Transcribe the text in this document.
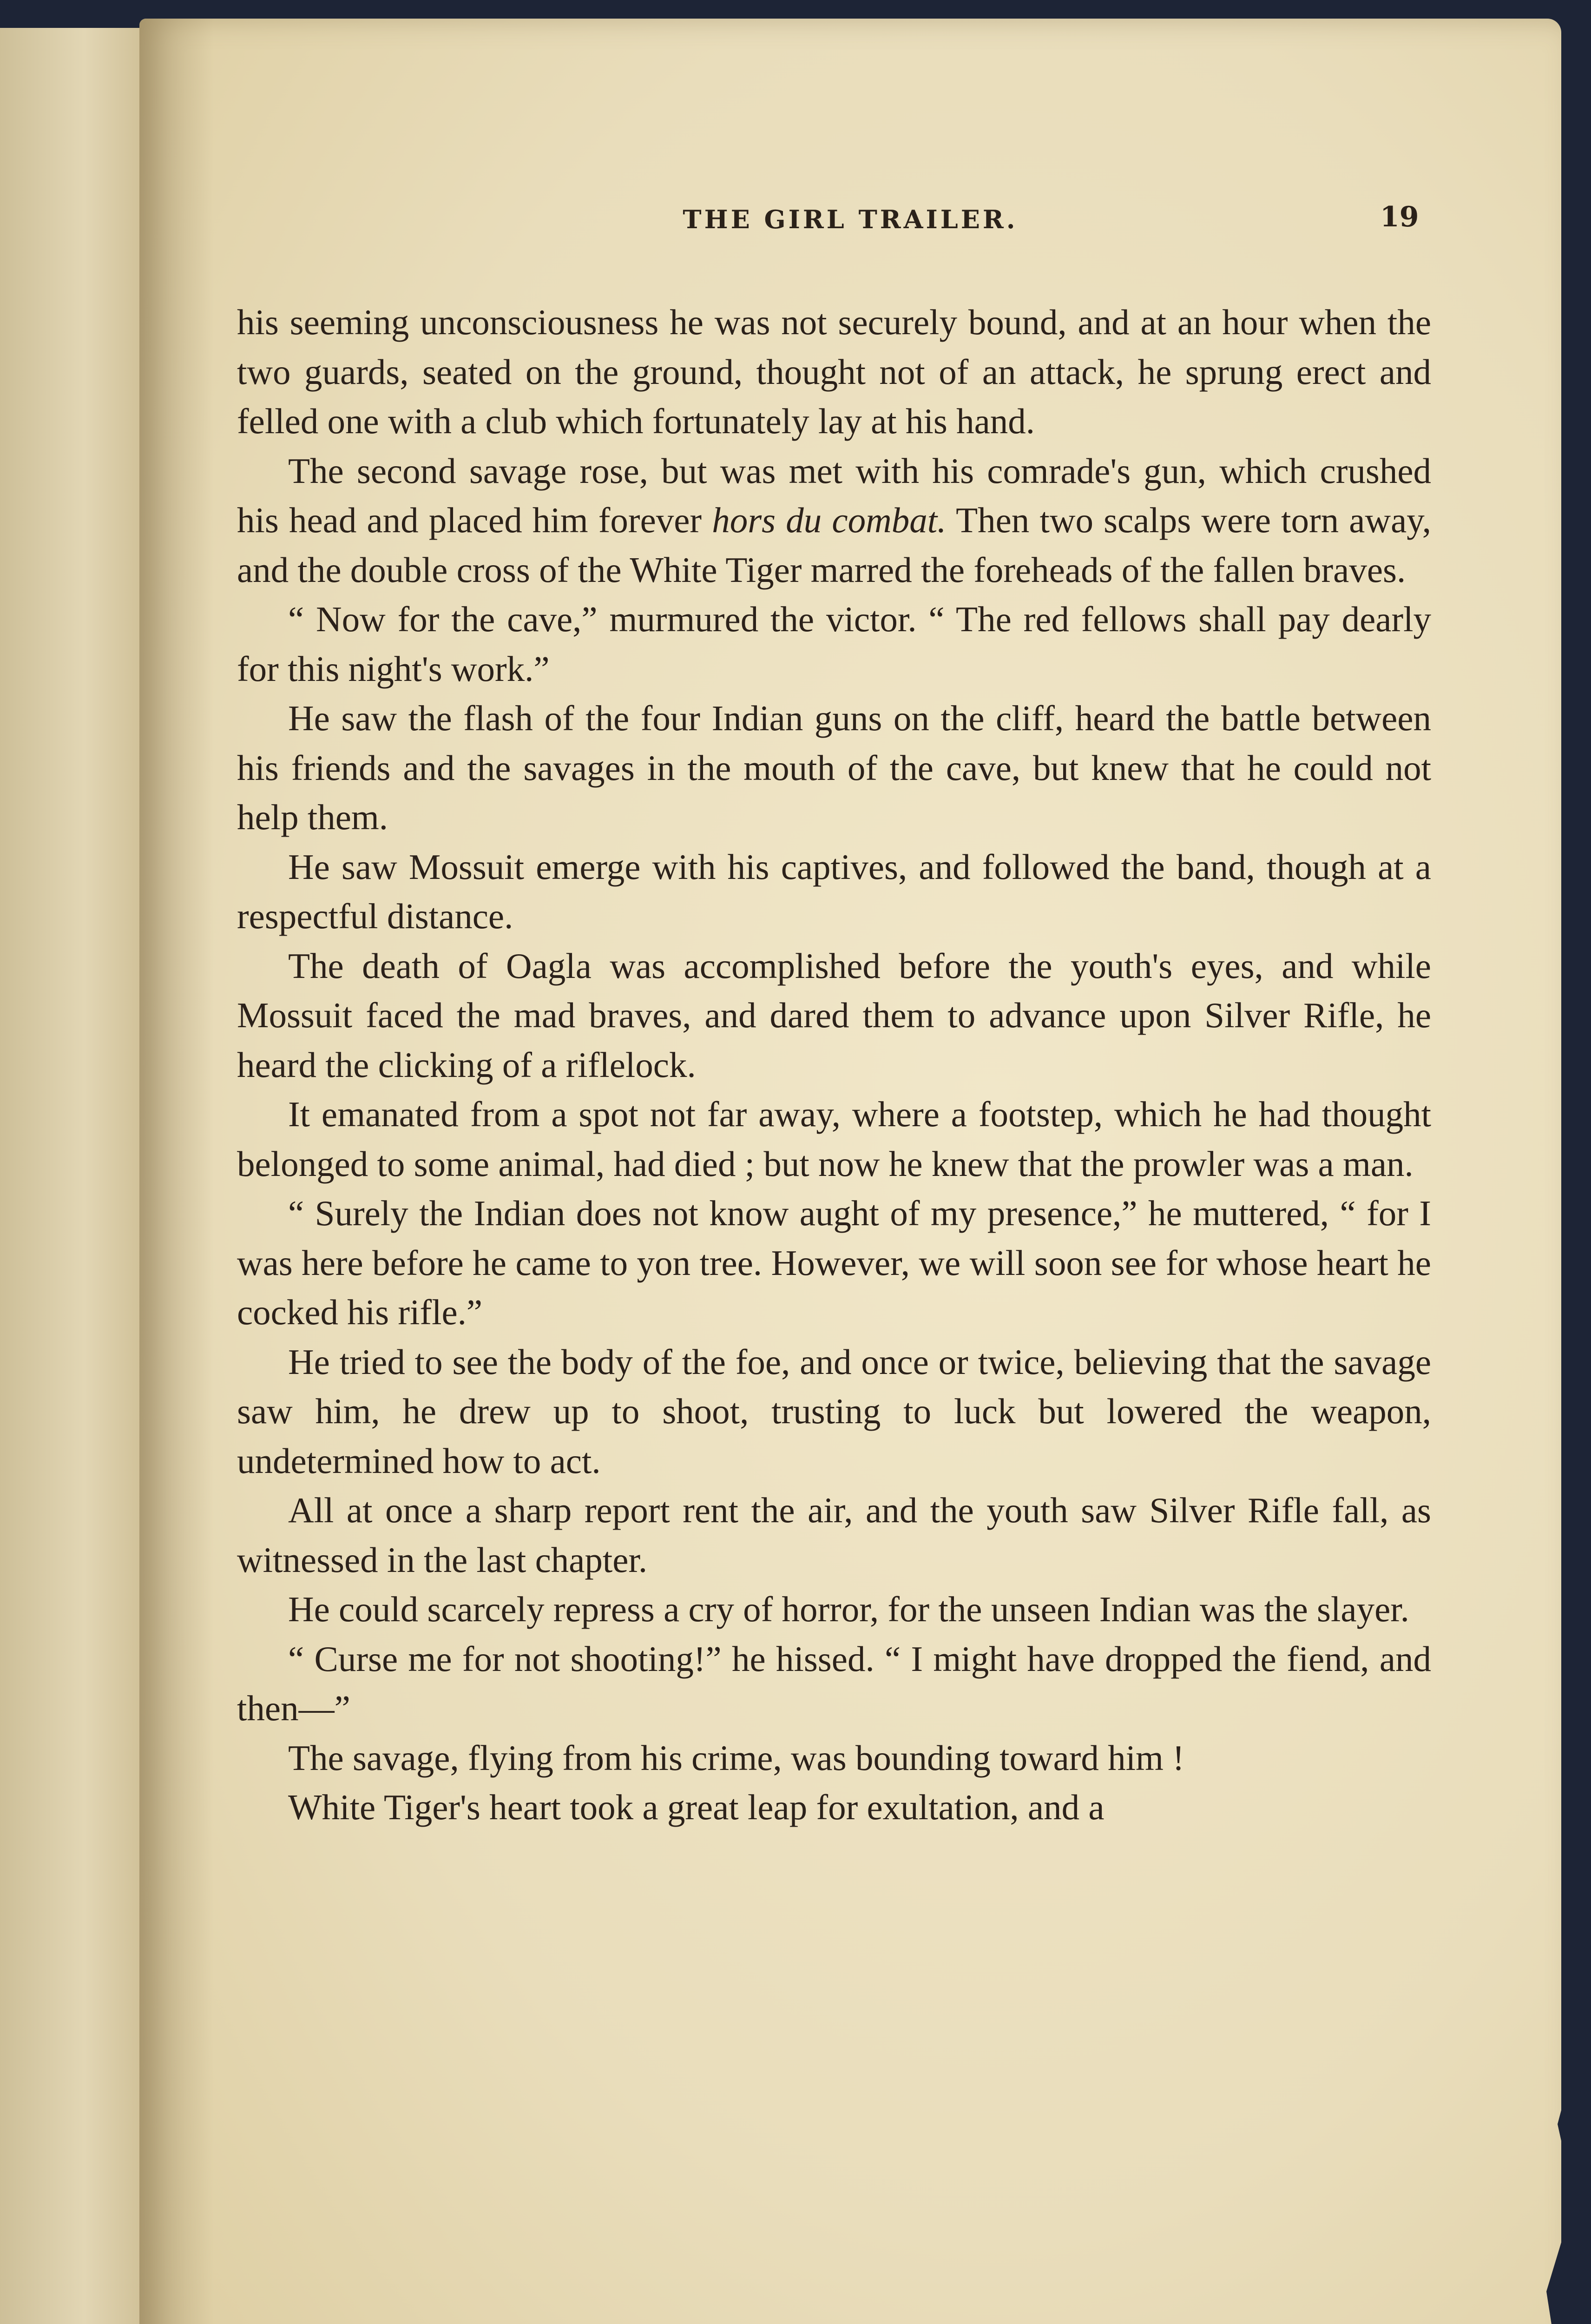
THE GIRL TRAILER.	19

his seeming unconsciousness he was not securely bound, and at an hour when the two guards, seated on the ground, thought not of an attack, he sprung erect and felled one with a club which fortunately lay at his hand.

The second savage rose, but was met with his comrade's gun, which crushed his head and placed him forever hors du combat. Then two scalps were torn away, and the double cross of the White Tiger marred the foreheads of the fallen braves.

“ Now for the cave,” murmured the victor. “ The red fellows shall pay dearly for this night's work.”

He saw the flash of the four Indian guns on the cliff, heard the battle between his friends and the savages in the mouth of the cave, but knew that he could not help them.

He saw Mossuit emerge with his captives, and followed the band, though at a respectful distance.

The death of Oagla was accomplished before the youth's eyes, and while Mossuit faced the mad braves, and dared them to advance upon Silver Rifle, he heard the clicking of a riflelock.

It emanated from a spot not far away, where a footstep, which he had thought belonged to some animal, had died ; but now he knew that the prowler was a man.

“ Surely the Indian does not know aught of my presence,” he muttered, “ for I was here before he came to yon tree. However, we will soon see for whose heart he cocked his rifle.”

He tried to see the body of the foe, and once or twice, believing that the savage saw him, he drew up to shoot, trusting to luck but lowered the weapon, undetermined how to act.

All at once a sharp report rent the air, and the youth saw Silver Rifle fall, as witnessed in the last chapter.

He could scarcely repress a cry of horror, for the unseen Indian was the slayer.

“ Curse me for not shooting!” he hissed. “ I might have dropped the fiend, and then—”

The savage, flying from his crime, was bounding toward him !

White Tiger's heart took a great leap for exultation, and a
